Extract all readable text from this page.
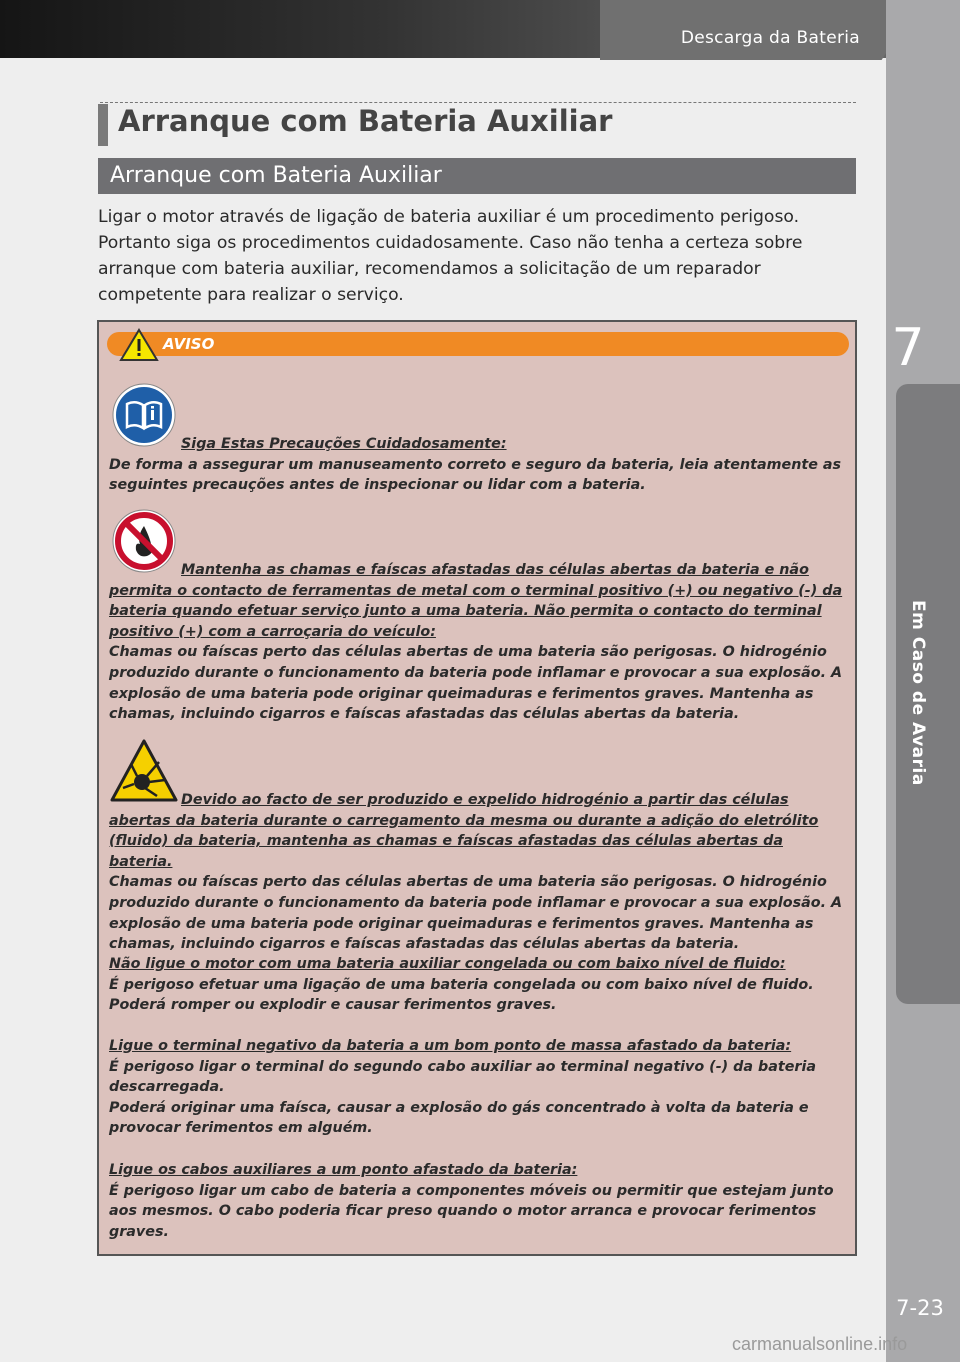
Descarga da Bateria
7
Em Caso de Avaria
7-23
carmanualsonline.info
Arranque com Bateria Auxiliar
Arranque com Bateria Auxiliar
Ligar o motor através de ligação de bateria auxiliar é um procedimento perigoso. Portanto siga os procedimentos cuidadosamente. Caso não tenha a certeza sobre arranque com bateria auxiliar, recomendamos a solicitação de um reparador competente para realizar o serviço.
AVISO
Siga Estas Precauções Cuidadosamente:
De forma a assegurar um manuseamento correto e seguro da bateria, leia atentamente as seguintes precauções antes de inspecionar ou lidar com a bateria.
Mantenha as chamas e faíscas afastadas das células abertas da bateria e não permita o contacto de ferramentas de metal com o terminal positivo (+) ou negativo (-) da bateria quando efetuar serviço junto a uma bateria. Não permita o contacto do terminal positivo (+) com a carroçaria do veículo:
Chamas ou faíscas perto das células abertas de uma bateria são perigosas. O hidrogénio produzido durante o funcionamento da bateria pode inflamar e provocar a sua explosão. A explosão de uma bateria pode originar queimaduras e ferimentos graves. Mantenha as chamas, incluindo cigarros e faíscas afastadas das células abertas da bateria.
Devido ao facto de ser produzido e expelido hidrogénio a partir das células abertas da bateria durante o carregamento da mesma ou durante a adição do eletrólito (fluido) da bateria, mantenha as chamas e faíscas afastadas das células abertas da bateria.
Chamas ou faíscas perto das células abertas de uma bateria são perigosas. O hidrogénio produzido durante o funcionamento da bateria pode inflamar e provocar a sua explosão. A explosão de uma bateria pode originar queimaduras e ferimentos graves. Mantenha as chamas, incluindo cigarros e faíscas afastadas das células abertas da bateria.
Não ligue o motor com uma bateria auxiliar congelada ou com baixo nível de fluido:
É perigoso efetuar uma ligação de uma bateria congelada ou com baixo nível de fluido. Poderá romper ou explodir e causar ferimentos graves.
Ligue o terminal negativo da bateria a um bom ponto de massa afastado da bateria:
É perigoso ligar o terminal do segundo cabo auxiliar ao terminal negativo (-) da bateria descarregada.
Poderá originar uma faísca, causar a explosão do gás concentrado à volta da bateria e provocar ferimentos em alguém.
Ligue os cabos auxiliares a um ponto afastado da bateria:
É perigoso ligar um cabo de bateria a componentes móveis ou permitir que estejam junto aos mesmos. O cabo poderia ficar preso quando o motor arranca e provocar ferimentos graves.
